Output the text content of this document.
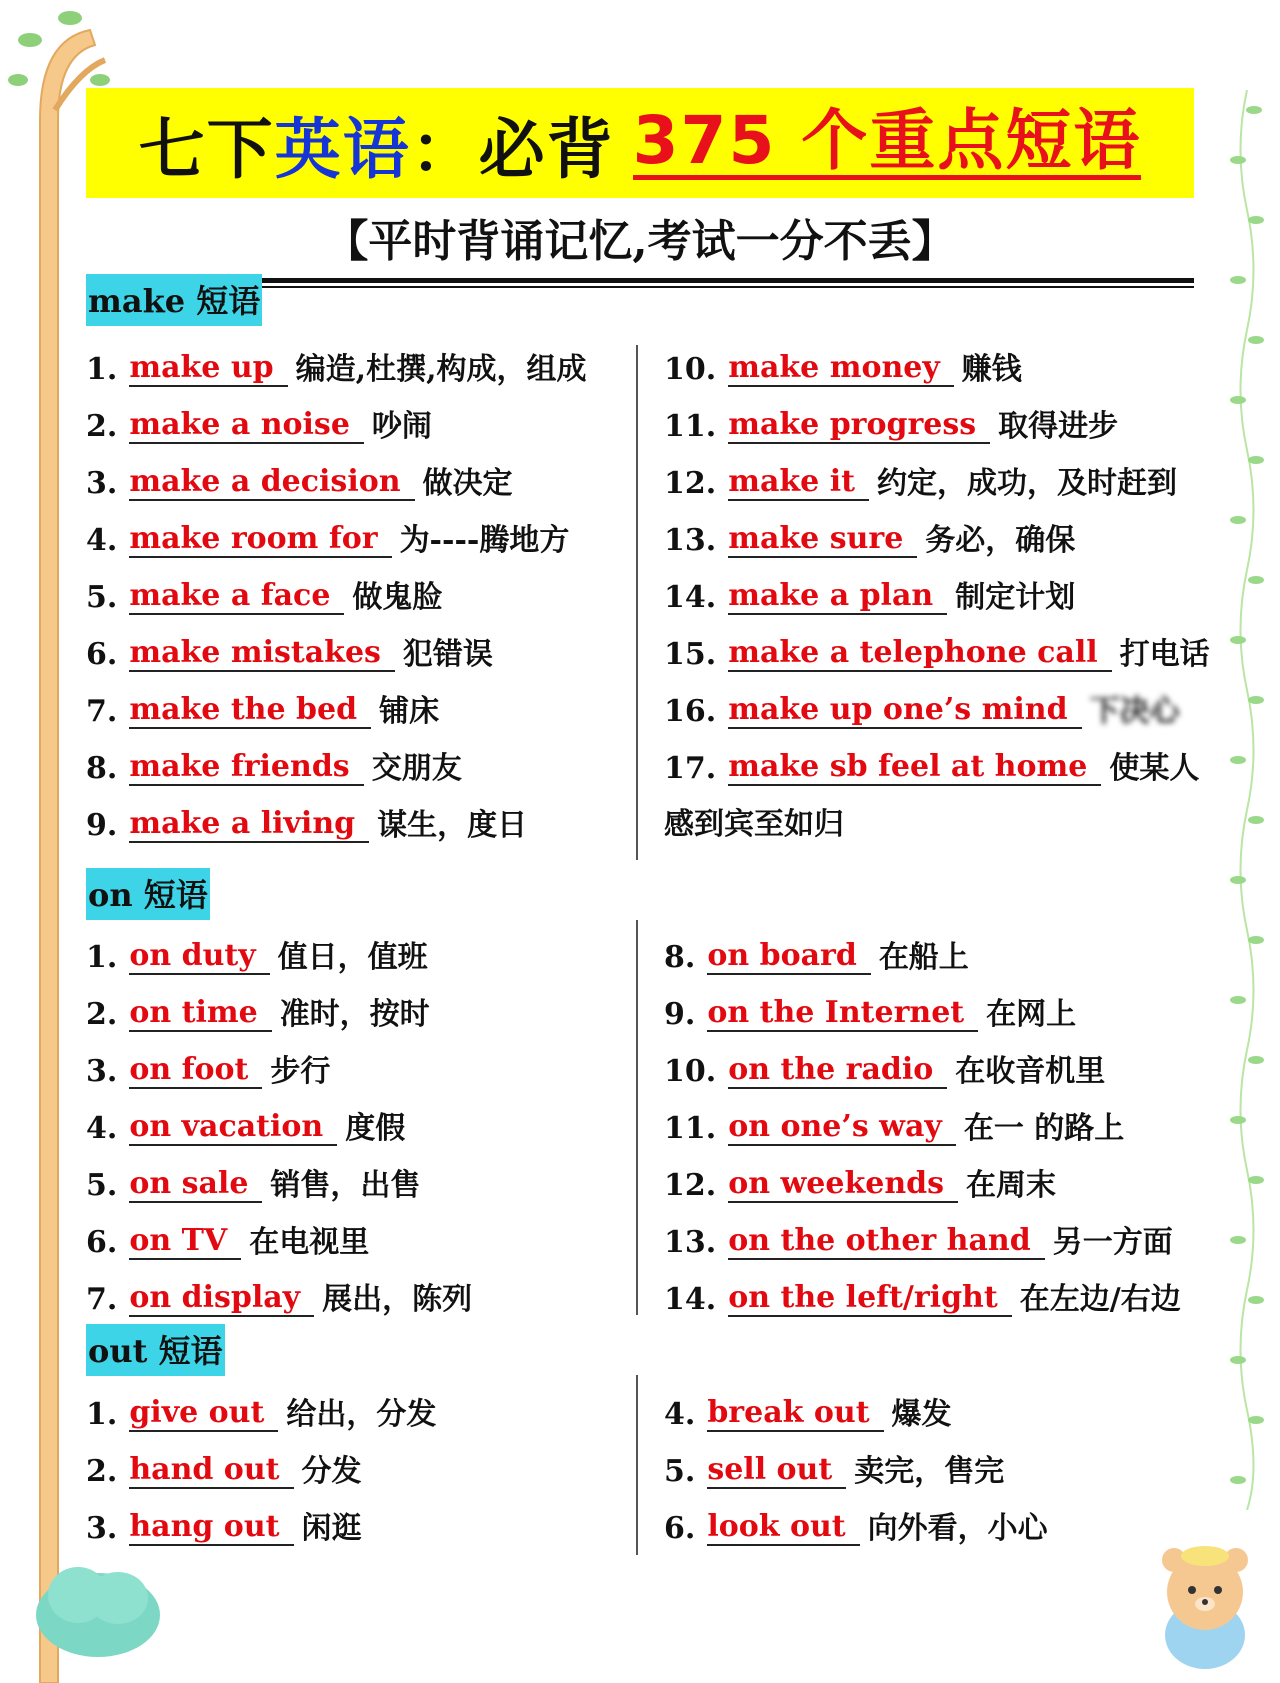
七下 英语 ：必背 375 个重点短语
【平时背诵记忆,考试一分不丢】
make 短语
1. make up 编造,杜撰,构成，组成
2. make a noise 吵闹
3. make a decision 做决定
4. make room for 为----腾地方
5. make a face 做鬼脸
6. make mistakes 犯错误
7. make the bed 铺床
8. make friends 交朋友
9. make a living 谋生，度日
10. make money 赚钱
11. make progress 取得进步
12. make it 约定，成功，及时赶到
13. make sure 务必，确保
14. make a plan 制定计划
15. make a telephone call 打电话
16. make up one’s mind 下决心
17. make sb feel at home 使某人
感到宾至如归
on 短语
1. on duty 值日，值班
2. on time 准时，按时
3. on foot 步行
4. on vacation 度假
5. on sale 销售，出售
6. on TV 在电视里
7. on display 展出，陈列
8. on board 在船上
9. on the Internet 在网上
10. on the radio 在收音机里
11. on one’s way 在一 的路上
12. on weekends 在周末
13. on the other hand 另一方面
14. on the left/right 在左边/右边
out 短语
1. give out 给出，分发
2. hand out 分发
3. hang out 闲逛
4. break out 爆发
5. sell out 卖完，售完
6. look out 向外看，小心
